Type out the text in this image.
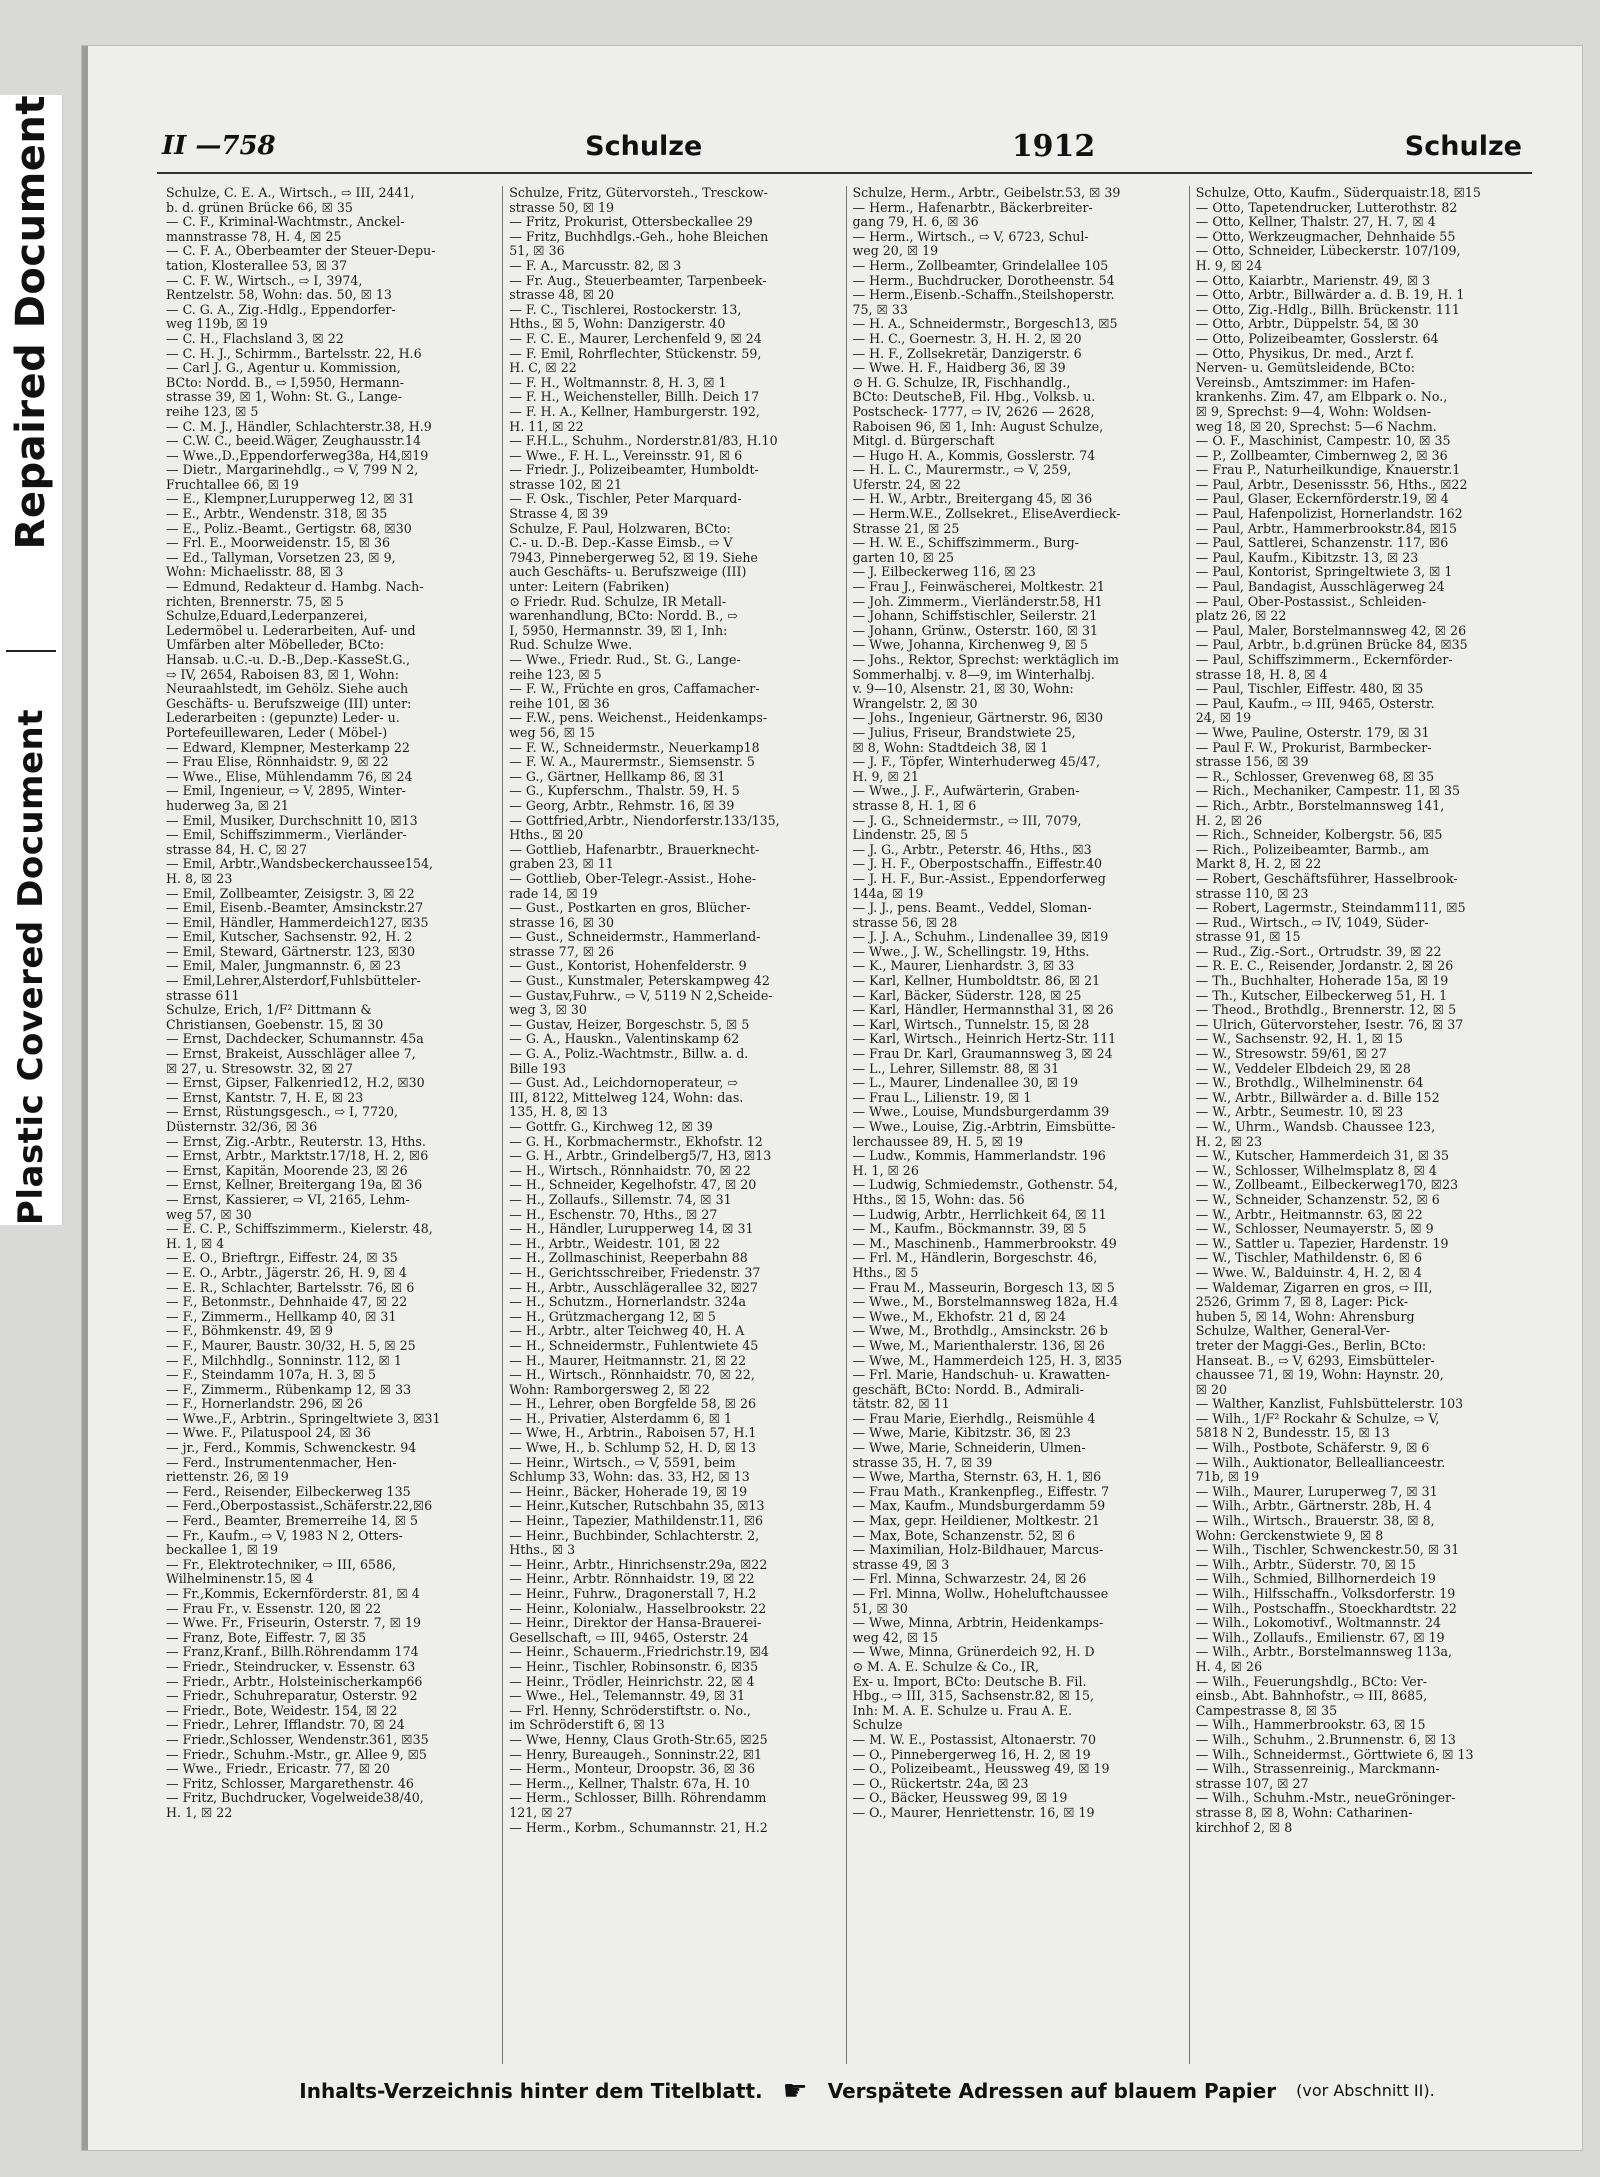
Repaired Document
Plastic Covered Document
II —758	Schulze	1912	Schulze
Schulze, C. E. A., Wirtsch., ⇨ III, 2441,
b. d. grünen Brücke 66, ☒ 35
— C. F., Kriminal-Wachtmstr., Anckel-
mannstrasse 78, H. 4, ☒ 25
— C. F. A., Oberbeamter der Steuer-Depu-
tation, Klosterallee 53, ☒ 37
— C. F. W., Wirtsch., ⇨ I, 3974,
Rentzelstr. 58, Wohn: das. 50, ☒ 13
— C. G. A., Zig.-Hdlg., Eppendorfer-
weg 119b, ☒ 19
— C. H., Flachsland 3, ☒ 22
— C. H. J., Schirmm., Bartelsstr. 22, H.6
— Carl J. G., Agentur u. Kommission,
BCto: Nordd. B., ⇨ I,5950, Hermann-
strasse 39, ☒ 1, Wohn: St. G., Lange-
reihe 123, ☒ 5
— C. M. J., Händler, Schlachterstr.38, H.9
— C.W. C., beeid.Wäger, Zeughausstr.14
— Wwe.,D.,Eppendorferweg38a, H4,☒19
— Dietr., Margarinehdlg., ⇨ V, 799 N 2,
Fruchtallee 66, ☒ 19
— E., Klempner,Lurupperweg 12, ☒ 31
— E., Arbtr., Wendenstr. 318, ☒ 35
— E., Poliz.-Beamt., Gertigstr. 68, ☒30
— Frl. E., Moorweidenstr. 15, ☒ 36
— Ed., Tallyman, Vorsetzen 23, ☒ 9,
Wohn: Michaelisstr. 88, ☒ 3
— Edmund, Redakteur d. Hambg. Nach-
richten, Brennerstr. 75, ☒ 5
Schulze,Eduard,Lederpanzerei,
Ledermöbel u. Lederarbeiten, Auf- und
Umfärben alter Möbelleder, BCto:
Hansab. u.C.-u. D.-B.,Dep.-KasseSt.G.,
⇨ IV, 2654, Raboisen 83, ☒ 1, Wohn:
Neuraahlstedt, im Gehölz. Siehe auch
Geschäfts- u. Berufszweige (III) unter:
Lederarbeiten : (gepunzte) Leder- u.
Portefeuillewaren, Leder ( Möbel-)
— Edward, Klempner, Mesterkamp 22
— Frau Elise, Rönnhaidstr. 9, ☒ 22
— Wwe., Elise, Mühlendamm 76, ☒ 24
— Emil, Ingenieur, ⇨ V, 2895, Winter-
huderweg 3a, ☒ 21
— Emil, Musiker, Durchschnitt 10, ☒13
— Emil, Schiffszimmerm., Vierländer-
strasse 84, H. C, ☒ 27
— Emil, Arbtr.,Wandsbeckerchaussee154,
H. 8, ☒ 23
— Emil, Zollbeamter, Zeisigstr. 3, ☒ 22
— Emil, Eisenb.-Beamter, Amsinckstr.27
— Emil, Händler, Hammerdeich127, ☒35
— Emil, Kutscher, Sachsenstr. 92, H. 2
— Emil, Steward, Gärtnerstr. 123, ☒30
— Emil, Maler, Jungmannstr. 6, ☒ 23
— Emil,Lehrer,Alsterdorf,Fuhlsbütteler-
strasse 611
Schulze, Erich, 1/F² Dittmann &
Christiansen, Goebenstr. 15, ☒ 30
— Ernst, Dachdecker, Schumannstr. 45a
— Ernst, Brakeist, Ausschläger allee 7,
☒ 27, u. Stresowstr. 32, ☒ 27
— Ernst, Gipser, Falkenried12, H.2, ☒30
— Ernst, Kantstr. 7, H. E, ☒ 23
— Ernst, Rüstungsgesch., ⇨ I, 7720,
Düsternstr. 32/36, ☒ 36
— Ernst, Zig.-Arbtr., Reuterstr. 13, Hths.
— Ernst, Arbtr., Marktstr.17/18, H. 2, ☒6
— Ernst, Kapitän, Moorende 23, ☒ 26
— Ernst, Kellner, Breitergang 19a, ☒ 36
— Ernst, Kassierer, ⇨ VI, 2165, Lehm-
weg 57, ☒ 30
— E. C. P., Schiffszimmerm., Kielerstr. 48,
H. 1, ☒ 4
— E. O., Brieftrgr., Eiffestr. 24, ☒ 35
— E. O., Arbtr., Jägerstr. 26, H. 9, ☒ 4
— E. R., Schlachter, Bartelsstr. 76, ☒ 6
— F., Betonmstr., Dehnhaide 47, ☒ 22
— F., Zimmerm., Hellkamp 40, ☒ 31
— F., Böhmkenstr. 49, ☒ 9
— F., Maurer, Baustr. 30/32, H. 5, ☒ 25
— F., Milchhdlg., Sonninstr. 112, ☒ 1
— F., Steindamm 107a, H. 3, ☒ 5
— F., Zimmerm., Rübenkamp 12, ☒ 33
— F., Hornerlandstr. 296, ☒ 26
— Wwe.,F., Arbtrin., Springeltwiete 3, ☒31
— Wwe. F., Pilatuspool 24, ☒ 36
— jr., Ferd., Kommis, Schwenckestr. 94
— Ferd., Instrumentenmacher, Hen-
riettenstr. 26, ☒ 19
— Ferd., Reisender, Eilbeckerweg 135
— Ferd.,Oberpostassist.,Schäferstr.22,☒6
— Ferd., Beamter, Bremerreihe 14, ☒ 5
— Fr., Kaufm., ⇨ V, 1983 N 2, Otters-
beckallee 1, ☒ 19
— Fr., Elektrotechniker, ⇨ III, 6586,
Wilhelminenstr.15, ☒ 4
— Fr.,Kommis, Eckernförderstr. 81, ☒ 4
— Frau Fr., v. Essenstr. 120, ☒ 22
— Wwe. Fr., Friseurin, Osterstr. 7, ☒ 19
— Franz, Bote, Eiffestr. 7, ☒ 35
— Franz,Kranf., Billh.Röhrendamm 174
— Friedr., Steindrucker, v. Essenstr. 63
— Friedr., Arbtr., Holsteinischerkamp66
— Friedr., Schuhreparatur, Osterstr. 92
— Friedr., Bote, Weidestr. 154, ☒ 22
— Friedr., Lehrer, Ifflandstr. 70, ☒ 24
— Friedr.,Schlosser, Wendenstr.361, ☒35
— Friedr., Schuhm.-Mstr., gr. Allee 9, ☒5
— Wwe., Friedr., Ericastr. 77, ☒ 20
— Fritz, Schlosser, Margarethenstr. 46
— Fritz, Buchdrucker, Vogelweide38/40,
H. 1, ☒ 22
Schulze, Fritz, Gütervorsteh., Tresckow-
strasse 50, ☒ 19
— Fritz, Prokurist, Ottersbeckallee 29
— Fritz, Buchhdlgs.-Geh., hohe Bleichen
51, ☒ 36
— F. A., Marcusstr. 82, ☒ 3
— Fr. Aug., Steuerbeamter, Tarpenbeek-
strasse 48, ☒ 20
— F. C., Tischlerei, Rostockerstr. 13,
Hths., ☒ 5, Wohn: Danzigerstr. 40
— F. C. E., Maurer, Lerchenfeld 9, ☒ 24
— F. Emil, Rohrflechter, Stückenstr. 59,
H. C, ☒ 22
— F. H., Woltmannstr. 8, H. 3, ☒ 1
— F. H., Weichensteller, Billh. Deich 17
— F. H. A., Kellner, Hamburgerstr. 192,
H. 11, ☒ 22
— F.H.L., Schuhm., Norderstr.81/83, H.10
— Wwe., F. H. L., Vereinsstr. 91, ☒ 6
— Friedr. J., Polizeibeamter, Humboldt-
strasse 102, ☒ 21
— F. Osk., Tischler, Peter Marquard-
Strasse 4, ☒ 39
Schulze, F. Paul, Holzwaren, BCto:
C.- u. D.-B. Dep.-Kasse Eimsb., ⇨ V
7943, Pinnebergerweg 52, ☒ 19. Siehe
auch Geschäfts- u. Berufszweige (III)
unter: Leitern (Fabriken)
⊙ Friedr. Rud. Schulze, IR Metall-
warenhandlung, BCto: Nordd. B., ⇨
I, 5950, Hermannstr. 39, ☒ 1, Inh:
Rud. Schulze Wwe.
— Wwe., Friedr. Rud., St. G., Lange-
reihe 123, ☒ 5
— F. W., Früchte en gros, Caffamacher-
reihe 101, ☒ 36
— F.W., pens. Weichenst., Heidenkamps-
weg 56, ☒ 15
— F. W., Schneidermstr., Neuerkamp18
— F. W. A., Maurermstr., Siemsenstr. 5
— G., Gärtner, Hellkamp 86, ☒ 31
— G., Kupferschm., Thalstr. 59, H. 5
— Georg, Arbtr., Rehmstr. 16, ☒ 39
— Gottfried,Arbtr., Niendorferstr.133/135,
Hths., ☒ 20
— Gottlieb, Hafenarbtr., Brauerknecht-
graben 23, ☒ 11
— Gottlieb, Ober-Telegr.-Assist., Hohe-
rade 14, ☒ 19
— Gust., Postkarten en gros, Blücher-
strasse 16, ☒ 30
— Gust., Schneidermstr., Hammerland-
strasse 77, ☒ 26
— Gust., Kontorist, Hohenfelderstr. 9
— Gust., Kunstmaler, Peterskampweg 42
— Gustav,Fuhrw., ⇨ V, 5119 N 2,Scheide-
weg 3, ☒ 30
— Gustav, Heizer, Borgeschstr. 5, ☒ 5
— G. A., Hauskn., Valentinskamp 62
— G. A., Poliz.-Wachtmstr., Billw. a. d.
Bille 193
— Gust. Ad., Leichdornoperateur, ⇨
III, 8122, Mittelweg 124, Wohn: das.
135, H. 8, ☒ 13
— Gottfr. G., Kirchweg 12, ☒ 39
— G. H., Korbmachermstr., Ekhofstr. 12
— G. H., Arbtr., Grindelberg5/7, H3, ☒13
— H., Wirtsch., Rönnhaidstr. 70, ☒ 22
— H., Schneider, Kegelhofstr. 47, ☒ 20
— H., Zollaufs., Sillemstr. 74, ☒ 31
— H., Eschenstr. 70, Hths., ☒ 27
— H., Händler, Lurupperweg 14, ☒ 31
— H., Arbtr., Weidestr. 101, ☒ 22
— H., Zollmaschinist, Reeperbahn 88
— H., Gerichtsschreiber, Friedenstr. 37
— H., Arbtr., Ausschlägerallee 32, ☒27
— H., Schutzm., Hornerlandstr. 324a
— H., Grützmachergang 12, ☒ 5
— H., Arbtr., alter Teichweg 40, H. A
— H., Schneidermstr., Fuhlentwiete 45
— H., Maurer, Heitmannstr. 21, ☒ 22
— H., Wirtsch., Rönnhaidstr. 70, ☒ 22,
Wohn: Ramborgersweg 2, ☒ 22
— H., Lehrer, oben Borgfelde 58, ☒ 26
— H., Privatier, Alsterdamm 6, ☒ 1
— Wwe, H., Arbtrin., Raboisen 57, H.1
— Wwe, H., b. Schlump 52, H. D, ☒ 13
— Heinr., Wirtsch., ⇨ V, 5591, beim
Schlump 33, Wohn: das. 33, H2, ☒ 13
— Heinr., Bäcker, Hoherade 19, ☒ 19
— Heinr.,Kutscher, Rutschbahn 35, ☒13
— Heinr., Tapezier, Mathildenstr.11, ☒6
— Heinr., Buchbinder, Schlachterstr. 2,
Hths., ☒ 3
— Heinr., Arbtr., Hinrichsenstr.29a, ☒22
— Heinr., Arbtr. Rönnhaidstr. 19, ☒ 22
— Heinr., Fuhrw., Dragonerstall 7, H.2
— Heinr., Kolonialw., Hasselbrookstr. 22
— Heinr., Direktor der Hansa-Brauerei-
Gesellschaft, ⇨ III, 9465, Osterstr. 24
— Heinr., Schauerm.,Friedrichstr.19, ☒4
— Heinr., Tischler, Robinsonstr. 6, ☒35
— Heinr., Trödler, Heinrichstr. 22, ☒ 4
— Wwe., Hel., Telemannstr. 49, ☒ 31
— Frl. Henny, Schröderstiftstr. o. No.,
im Schröderstift 6, ☒ 13
— Wwe, Henny, Claus Groth-Str.65, ☒25
— Henry, Bureaugeh., Sonninstr.22, ☒1
— Herm., Monteur, Droopstr. 36, ☒ 36
— Herm.,, Kellner, Thalstr. 67a, H. 10
— Herm., Schlosser, Billh. Röhrendamm
121, ☒ 27
— Herm., Korbm., Schumannstr. 21, H.2
Schulze, Herm., Arbtr., Geibelstr.53, ☒ 39
— Herm., Hafenarbtr., Bäckerbreiter-
gang 79, H. 6, ☒ 36
— Herm., Wirtsch., ⇨ V, 6723, Schul-
weg 20, ☒ 19
— Herm., Zollbeamter, Grindelallee 105
— Herm., Buchdrucker, Dorotheenstr. 54
— Herm.,Eisenb.-Schaffn.,Steilshoperstr.
75, ☒ 33
— H. A., Schneidermstr., Borgesch13, ☒5
— H. C., Goernestr. 3, H. H. 2, ☒ 20
— H. F., Zollsekretär, Danzigerstr. 6
— Wwe. H. F., Haidberg 36, ☒ 39
⊙ H. G. Schulze, IR, Fischhandlg.,
BCto: DeutscheB, Fil. Hbg., Volksb. u.
Postscheck- 1777, ⇨ IV, 2626 — 2628,
Raboisen 96, ☒ 1, Inh: August Schulze,
Mitgl. d. Bürgerschaft
— Hugo H. A., Kommis, Gosslerstr. 74
— H. L. C., Maurermstr., ⇨ V, 259,
Uferstr. 24, ☒ 22
— H. W., Arbtr., Breitergang 45, ☒ 36
— Herm.W.E., Zollsekret., EliseAverdieck-
Strasse 21, ☒ 25
— H. W. E., Schiffszimmerm., Burg-
garten 10, ☒ 25
— J. Eilbeckerweg 116, ☒ 23
— Frau J., Feinwäscherei, Moltkestr. 21
— Joh. Zimmerm., Vierländerstr.58, H1
— Johann, Schiffstischler, Seilerstr. 21
— Johann, Grünw., Osterstr. 160, ☒ 31
— Wwe, Johanna, Kirchenweg 9, ☒ 5
— Johs., Rektor, Sprechst: werktäglich im
Sommerhalbj. v. 8—9, im Winterhalbj.
v. 9—10, Alsenstr. 21, ☒ 30, Wohn:
Wrangelstr. 2, ☒ 30
— Johs., Ingenieur, Gärtnerstr. 96, ☒30
— Julius, Friseur, Brandstwiete 25,
☒ 8, Wohn: Stadtdeich 38, ☒ 1
— J. F., Töpfer, Winterhuderweg 45/47,
H. 9, ☒ 21
— Wwe., J. F., Aufwärterin, Graben-
strasse 8, H. 1, ☒ 6
— J. G., Schneidermstr., ⇨ III, 7079,
Lindenstr. 25, ☒ 5
— J. G., Arbtr., Peterstr. 46, Hths., ☒3
— J. H. F., Oberpostschaffn., Eiffestr.40
— J. H. F., Bur.-Assist., Eppendorferweg
144a, ☒ 19
— J. J., pens. Beamt., Veddel, Sloman-
strasse 56, ☒ 28
— J. J. A., Schuhm., Lindenallee 39, ☒19
— Wwe., J. W., Schellingstr. 19, Hths.
— K., Maurer, Lienhardstr. 3, ☒ 33
— Karl, Kellner, Humboldtstr. 86, ☒ 21
— Karl, Bäcker, Süderstr. 128, ☒ 25
— Karl, Händler, Hermannsthal 31, ☒ 26
— Karl, Wirtsch., Tunnelstr. 15, ☒ 28
— Karl, Wirtsch., Heinrich Hertz-Str. 111
— Frau Dr. Karl, Graumannsweg 3, ☒ 24
— L., Lehrer, Sillemstr. 88, ☒ 31
— L., Maurer, Lindenallee 30, ☒ 19
— Frau L., Lilienstr. 19, ☒ 1
— Wwe., Louise, Mundsburgerdamm 39
— Wwe., Louise, Zig.-Arbtrin, Eimsbütte-
lerchaussee 89, H. 5, ☒ 19
— Ludw., Kommis, Hammerlandstr. 196
H. 1, ☒ 26
— Ludwig, Schmiedemstr., Gothenstr. 54,
Hths., ☒ 15, Wohn: das. 56
— Ludwig, Arbtr., Herrlichkeit 64, ☒ 11
— M., Kaufm., Böckmannstr. 39, ☒ 5
— M., Maschinenb., Hammerbrookstr. 49
— Frl. M., Händlerin, Borgeschstr. 46,
Hths., ☒ 5
— Frau M., Masseurin, Borgesch 13, ☒ 5
— Wwe., M., Borstelmannsweg 182a, H.4
— Wwe., M., Ekhofstr. 21 d, ☒ 24
— Wwe, M., Brothdlg., Amsinckstr. 26 b
— Wwe, M., Marienthalerstr. 136, ☒ 26
— Wwe, M., Hammerdeich 125, H. 3, ☒35
— Frl. Marie, Handschuh- u. Krawatten-
geschäft, BCto: Nordd. B., Admirali-
tätstr. 82, ☒ 11
— Frau Marie, Eierhdlg., Reismühle 4
— Wwe, Marie, Kibitzstr. 36, ☒ 23
— Wwe, Marie, Schneiderin, Ulmen-
strasse 35, H. 7, ☒ 39
— Wwe, Martha, Sternstr. 63, H. 1, ☒6
— Frau Math., Krankenpfleg., Eiffestr. 7
— Max, Kaufm., Mundsburgerdamm 59
— Max, gepr. Heildiener, Moltkestr. 21
— Max, Bote, Schanzenstr. 52, ☒ 6
— Maximilian, Holz-Bildhauer, Marcus-
strasse 49, ☒ 3
— Frl. Minna, Schwarzestr. 24, ☒ 26
— Frl. Minna, Wollw., Hoheluftchaussee
51, ☒ 30
— Wwe, Minna, Arbtrin, Heidenkamps-
weg 42, ☒ 15
— Wwe, Minna, Grünerdeich 92, H. D
⊙ M. A. E. Schulze & Co., IR,
Ex- u. Import, BCto: Deutsche B. Fil.
Hbg., ⇨ III, 315, Sachsenstr.82, ☒ 15,
Inh: M. A. E. Schulze u. Frau A. E.
Schulze
— M. W. E., Postassist, Altonaerstr. 70
— O., Pinnebergerweg 16, H. 2, ☒ 19
— O., Polizeibeamt., Heussweg 49, ☒ 19
— O., Rückertstr. 24a, ☒ 23
— O., Bäcker, Heussweg 99, ☒ 19
— O., Maurer, Henriettenstr. 16, ☒ 19
Schulze, Otto, Kaufm., Süderquaistr.18, ☒15
— Otto, Tapetendrucker, Lutterothstr. 82
— Otto, Kellner, Thalstr. 27, H. 7, ☒ 4
— Otto, Werkzeugmacher, Dehnhaide 55
— Otto, Schneider, Lübeckerstr. 107/109,
H. 9, ☒ 24
— Otto, Kaiarbtr., Marienstr. 49, ☒ 3
— Otto, Arbtr., Billwärder a. d. B. 19, H. 1
— Otto, Zig.-Hdlg., Billh. Brückenstr. 111
— Otto, Arbtr., Düppelstr. 54, ☒ 30
— Otto, Polizeibeamter, Gosslerstr. 64
— Otto, Physikus, Dr. med., Arzt f.
Nerven- u. Gemütsleidende, BCto:
Vereinsb., Amtszimmer: im Hafen-
krankenhs. Zim. 47, am Elbpark o. No.,
☒ 9, Sprechst: 9—4, Wohn: Woldsen-
weg 18, ☒ 20, Sprechst: 5—6 Nachm.
— O. F., Maschinist, Campestr. 10, ☒ 35
— P., Zollbeamter, Cimbernweg 2, ☒ 36
— Frau P., Naturheilkundige, Knauerstr.1
— Paul, Arbtr., Desenissstr. 56, Hths., ☒22
— Paul, Glaser, Eckernförderstr.19, ☒ 4
— Paul, Hafenpolizist, Hornerlandstr. 162
— Paul, Arbtr., Hammerbrookstr.84, ☒15
— Paul, Sattlerei, Schanzenstr. 117, ☒6
— Paul, Kaufm., Kibitzstr. 13, ☒ 23
— Paul, Kontorist, Springeltwiete 3, ☒ 1
— Paul, Bandagist, Ausschlägerweg 24
— Paul, Ober-Postassist., Schleiden-
platz 26, ☒ 22
— Paul, Maler, Borstelmannsweg 42, ☒ 26
— Paul, Arbtr., b.d.grünen Brücke 84, ☒35
— Paul, Schiffszimmerm., Eckernförder-
strasse 18, H. 8, ☒ 4
— Paul, Tischler, Eiffestr. 480, ☒ 35
— Paul, Kaufm., ⇨ III, 9465, Osterstr.
24, ☒ 19
— Wwe, Pauline, Osterstr. 179, ☒ 31
— Paul F. W., Prokurist, Barmbecker-
strasse 156, ☒ 39
— R., Schlosser, Grevenweg 68, ☒ 35
— Rich., Mechaniker, Campestr. 11, ☒ 35
— Rich., Arbtr., Borstelmannsweg 141,
H. 2, ☒ 26
— Rich., Schneider, Kolbergstr. 56, ☒5
— Rich., Polizeibeamter, Barmb., am
Markt 8, H. 2, ☒ 22
— Robert, Geschäftsführer, Hasselbrook-
strasse 110, ☒ 23
— Robert, Lagermstr., Steindamm111, ☒5
— Rud., Wirtsch., ⇨ IV, 1049, Süder-
strasse 91, ☒ 15
— Rud., Zig.-Sort., Ortrudstr. 39, ☒ 22
— R. E. C., Reisender, Jordanstr. 2, ☒ 26
— Th., Buchhalter, Hoherade 15a, ☒ 19
— Th., Kutscher, Eilbeckerweg 51, H. 1
— Theod., Brothdlg., Brennerstr. 12, ☒ 5
— Ulrich, Gütervorsteher, Isestr. 76, ☒ 37
— W., Sachsenstr. 92, H. 1, ☒ 15
— W., Stresowstr. 59/61, ☒ 27
— W., Veddeler Elbdeich 29, ☒ 28
— W., Brothdlg., Wilhelminenstr. 64
— W., Arbtr., Billwärder a. d. Bille 152
— W., Arbtr., Seumestr. 10, ☒ 23
— W., Uhrm., Wandsb. Chaussee 123,
H. 2, ☒ 23
— W., Kutscher, Hammerdeich 31, ☒ 35
— W., Schlosser, Wilhelmsplatz 8, ☒ 4
— W., Zollbeamt., Eilbeckerweg170, ☒23
— W., Schneider, Schanzenstr. 52, ☒ 6
— W., Arbtr., Heitmannstr. 63, ☒ 22
— W., Schlosser, Neumayerstr. 5, ☒ 9
— W., Sattler u. Tapezier, Hardenstr. 19
— W., Tischler, Mathildenstr. 6, ☒ 6
— Wwe. W., Balduinstr. 4, H. 2, ☒ 4
— Waldemar, Zigarren en gros, ⇨ III,
2526, Grimm 7, ☒ 8, Lager: Pick-
huben 5, ☒ 14, Wohn: Ahrensburg
Schulze, Walther, General-Ver-
treter der Maggi-Ges., Berlin, BCto:
Hanseat. B., ⇨ V, 6293, Eimsbütteler-
chaussee 71, ☒ 19, Wohn: Haynstr. 20,
☒ 20
— Walther, Kanzlist, Fuhlsbüttelerstr. 103
— Wilh., 1/F² Rockahr & Schulze, ⇨ V,
5818 N 2, Bundesstr. 15, ☒ 13
— Wilh., Postbote, Schäferstr. 9, ☒ 6
— Wilh., Auktionator, Belleallianceestr.
71b, ☒ 19
— Wilh., Maurer, Luruperweg 7, ☒ 31
— Wilh., Arbtr., Gärtnerstr. 28b, H. 4
— Wilh., Wirtsch., Brauerstr. 38, ☒ 8,
Wohn: Gerckenstwiete 9, ☒ 8
— Wilh., Tischler, Schwenckestr.50, ☒ 31
— Wilh., Arbtr., Süderstr. 70, ☒ 15
— Wilh., Schmied, Billhornerdeich 19
— Wilh., Hilfsschaffn., Volksdorferstr. 19
— Wilh., Postschaffn., Stoeckhardtstr. 22
— Wilh., Lokomotivf., Woltmannstr. 24
— Wilh., Zollaufs., Emilienstr. 67, ☒ 19
— Wilh., Arbtr., Borstelmannsweg 113a,
H. 4, ☒ 26
— Wilh., Feuerungshdlg., BCto: Ver-
einsb., Abt. Bahnhofstr., ⇨ III, 8685,
Campestrasse 8, ☒ 35
— Wilh., Hammerbrookstr. 63, ☒ 15
— Wilh., Schuhm., 2.Brunnenstr. 6, ☒ 13
— Wilh., Schneidermst., Görttwiete 6, ☒ 13
— Wilh., Strassenreinig., Marckmann-
strasse 107, ☒ 27
— Wilh., Schuhm.-Mstr., neueGröninger-
strasse 8, ☒ 8, Wohn: Catharinen-
kirchhof 2, ☒ 8
Inhalts-Verzeichnis hinter dem Titelblatt. ☛ Verspätete Adressen auf blauem Papier (vor Abschnitt II).
